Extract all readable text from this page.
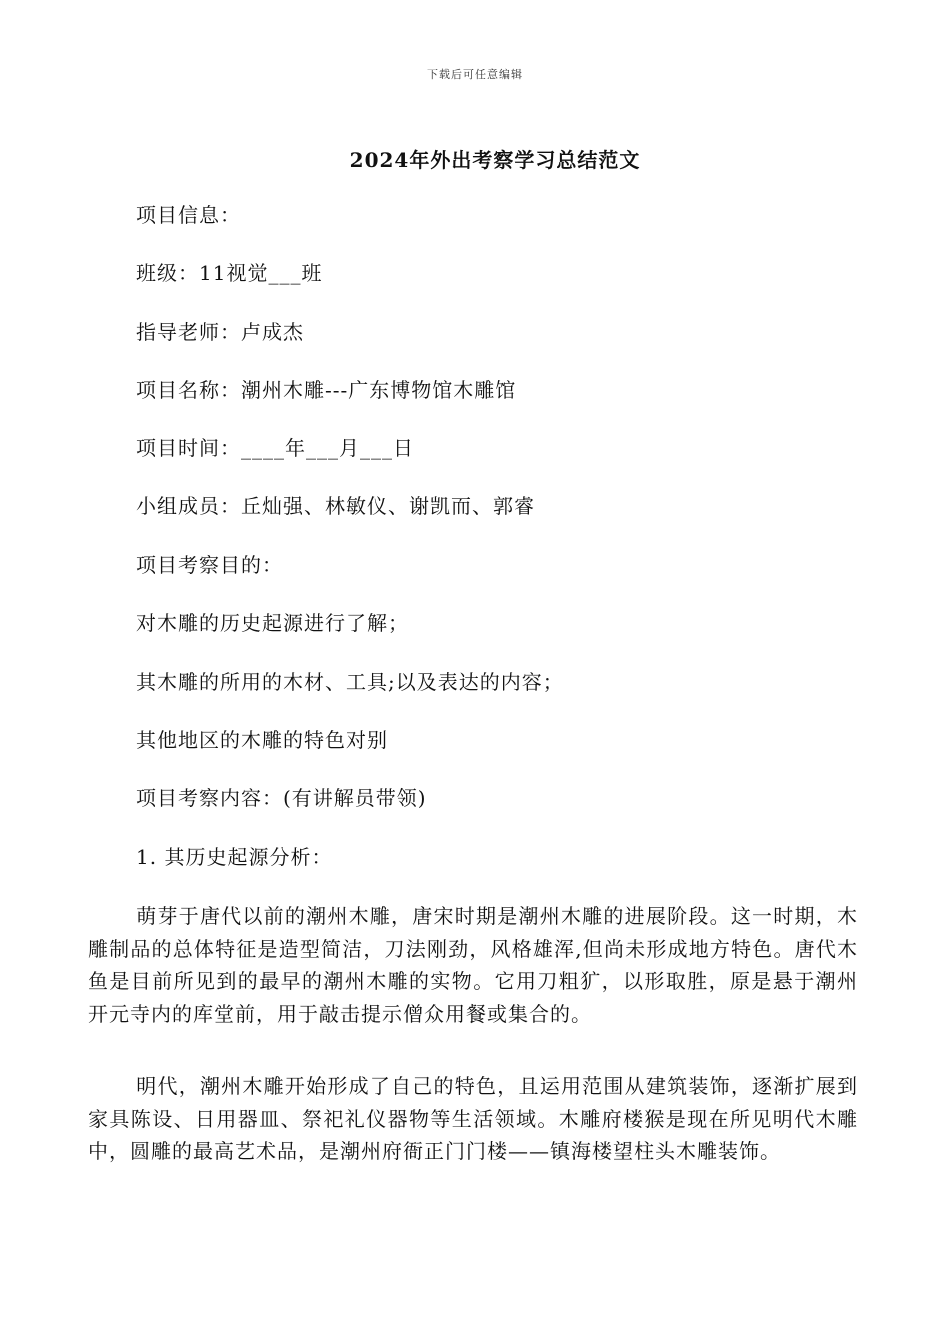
下载后可任意编辑
2024年外出考察学习总结范文
项目信息：
班级：11视觉___班
指导老师：卢成杰
项目名称：潮州木雕---广东博物馆木雕馆
项目时间：____年___月___日
小组成员：丘灿强、林敏仪、谢凯而、郭睿
项目考察目的：
对木雕的历史起源进行了解；
其木雕的所用的木材、工具;以及表达的内容；
其他地区的木雕的特色对别
项目考察内容：(有讲解员带领)
1. 其历史起源分析：
萌芽于唐代以前的潮州木雕，唐宋时期是潮州木雕的进展阶段。这一时期，木雕制品的总体特征是造型简洁，刀法刚劲，风格雄浑,但尚未形成地方特色。唐代木鱼是目前所见到的最早的潮州木雕的实物。它用刀粗犷，以形取胜，原是悬于潮州开元寺内的库堂前，用于敲击提示僧众用餐或集合的。
明代，潮州木雕开始形成了自己的特色，且运用范围从建筑装饰，逐渐扩展到家具陈设、日用器皿、祭祀礼仪器物等生活领域。木雕府楼猴是现在所见明代木雕中，圆雕的最高艺术品，是潮州府衙正门门楼——镇海楼望柱头木雕装饰。
